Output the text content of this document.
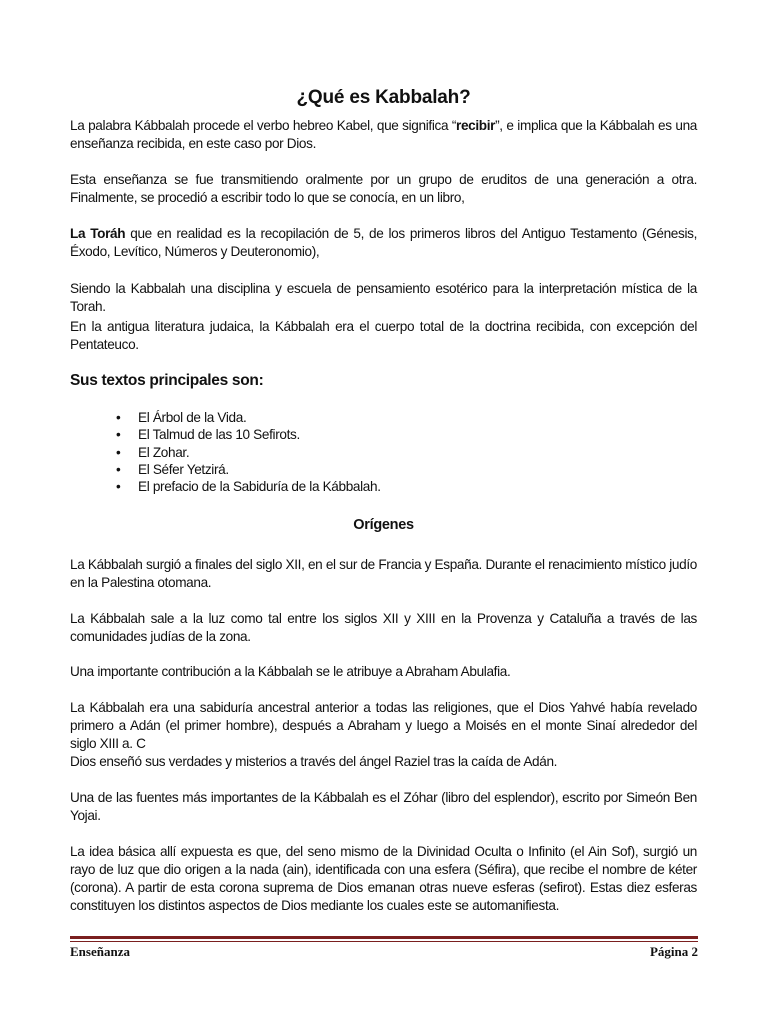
¿Qué es Kabbalah?

La palabra Kábbalah procede el verbo hebreo Kabel, que significa “recibir”, e implica que la Kábbalah es una enseñanza recibida, en este caso por Dios.

Esta enseñanza se fue transmitiendo oralmente por un grupo de eruditos de una generación a otra. Finalmente, se procedió a escribir todo lo que se conocía, en un libro,

La Toráh que en realidad es la recopilación de 5, de los primeros libros del Antiguo Testamento (Génesis, Éxodo, Levítico, Números y Deuteronomio),

Siendo la Kabbalah una disciplina y escuela de pensamiento esotérico para la interpretación mística de la Torah.

En la antigua literatura judaica, la Kábbalah era el cuerpo total de la doctrina recibida, con excepción del Pentateuco.

Sus textos principales son:
• El Árbol de la Vida.
• El Talmud de las 10 Sefirots.
• El Zohar.
• El Séfer Yetzirá.
• El prefacio de la Sabiduría de la Kábbalah.
Orígenes

La Kábbalah surgió a finales del siglo XII, en el sur de Francia y España. Durante el renacimiento místico judío en la Palestina otomana.

La Kábbalah sale a la luz como tal entre los siglos XII y XIII en la Provenza y Cataluña a través de las comunidades judías de la zona.

Una importante contribución a la Kábbalah se le atribuye a Abraham Abulafia.

La Kábbalah era una sabiduría ancestral anterior a todas las religiones, que el Dios Yahvé había revelado primero a Adán (el primer hombre), después a Abraham y luego a Moisés en el monte Sinaí alrededor del siglo XIII a. C

Dios enseñó sus verdades y misterios a través del ángel Raziel tras la caída de Adán.

Una de las fuentes más importantes de la Kábbalah es el Zóhar (libro del esplendor), escrito por Simeón Ben Yojai.

La idea básica allí expuesta es que, del seno mismo de la Divinidad Oculta o Infinito (el Ain Sof), surgió un rayo de luz que dio origen a la nada (ain), identificada con una esfera (Séfira), que recibe el nombre de kéter (corona). A partir de esta corona suprema de Dios emanan otras nueve esferas (sefirot). Estas diez esferas constituyen los distintos aspectos de Dios mediante los cuales este se automanifiesta.

Enseñanza	Página 2
